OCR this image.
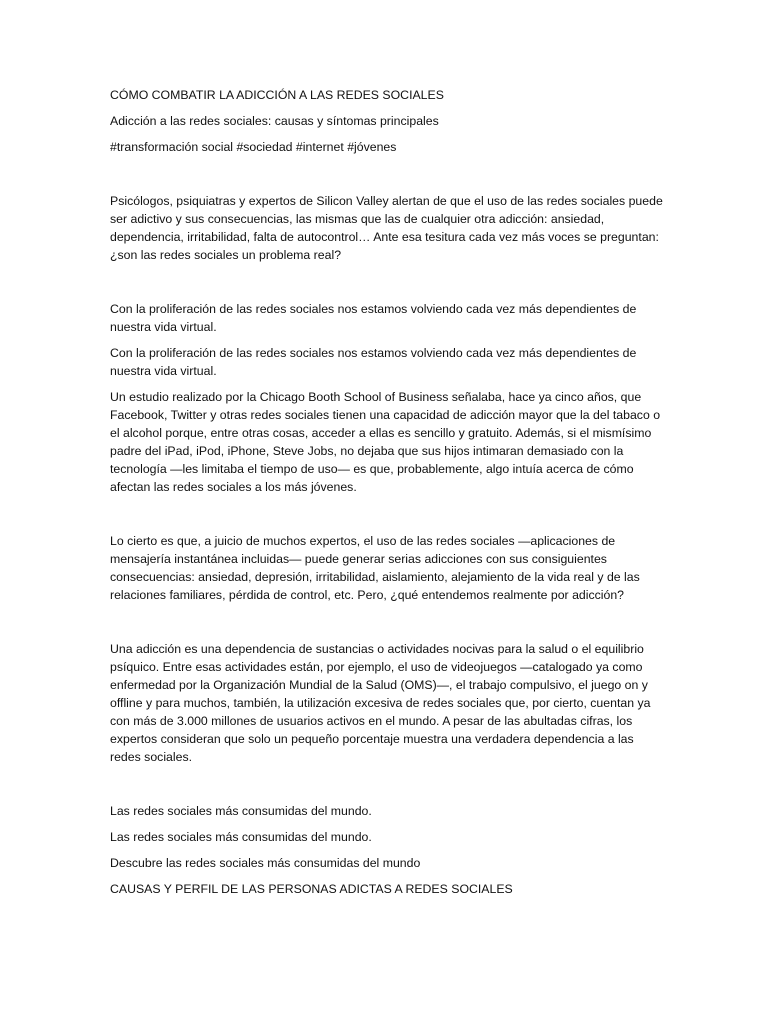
CÓMO COMBATIR LA ADICCIÓN A LAS REDES SOCIALES

Adicción a las redes sociales: causas y síntomas principales

#transformación social #sociedad #internet #jóvenes

Psicólogos, psiquiatras y expertos de Silicon Valley alertan de que el uso de las redes sociales puede ser adictivo y sus consecuencias, las mismas que las de cualquier otra adicción: ansiedad, dependencia, irritabilidad, falta de autocontrol… Ante esa tesitura cada vez más voces se preguntan: ¿son las redes sociales un problema real?

Con la proliferación de las redes sociales nos estamos volviendo cada vez más dependientes de nuestra vida virtual.

Con la proliferación de las redes sociales nos estamos volviendo cada vez más dependientes de nuestra vida virtual.

Un estudio realizado por la Chicago Booth School of Business señalaba, hace ya cinco años, que Facebook, Twitter y otras redes sociales tienen una capacidad de adicción mayor que la del tabaco o el alcohol porque, entre otras cosas, acceder a ellas es sencillo y gratuito. Además, si el mismísimo padre del iPad, iPod, iPhone, Steve Jobs, no dejaba que sus hijos intimaran demasiado con la tecnología —les limitaba el tiempo de uso— es que, probablemente, algo intuía acerca de cómo afectan las redes sociales a los más jóvenes.

Lo cierto es que, a juicio de muchos expertos, el uso de las redes sociales —aplicaciones de mensajería instantánea incluidas— puede generar serias adicciones con sus consiguientes consecuencias: ansiedad, depresión, irritabilidad, aislamiento, alejamiento de la vida real y de las relaciones familiares, pérdida de control, etc. Pero, ¿qué entendemos realmente por adicción?

Una adicción es una dependencia de sustancias o actividades nocivas para la salud o el equilibrio psíquico. Entre esas actividades están, por ejemplo, el uso de videojuegos —catalogado ya como enfermedad por la Organización Mundial de la Salud (OMS)—, el trabajo compulsivo, el juego on y offline y para muchos, también, la utilización excesiva de redes sociales que, por cierto, cuentan ya con más de 3.000 millones de usuarios activos en el mundo. A pesar de las abultadas cifras, los expertos consideran que solo un pequeño porcentaje muestra una verdadera dependencia a las redes sociales.

Las redes sociales más consumidas del mundo.

Las redes sociales más consumidas del mundo.

Descubre las redes sociales más consumidas del mundo

CAUSAS Y PERFIL DE LAS PERSONAS ADICTAS A REDES SOCIALES
